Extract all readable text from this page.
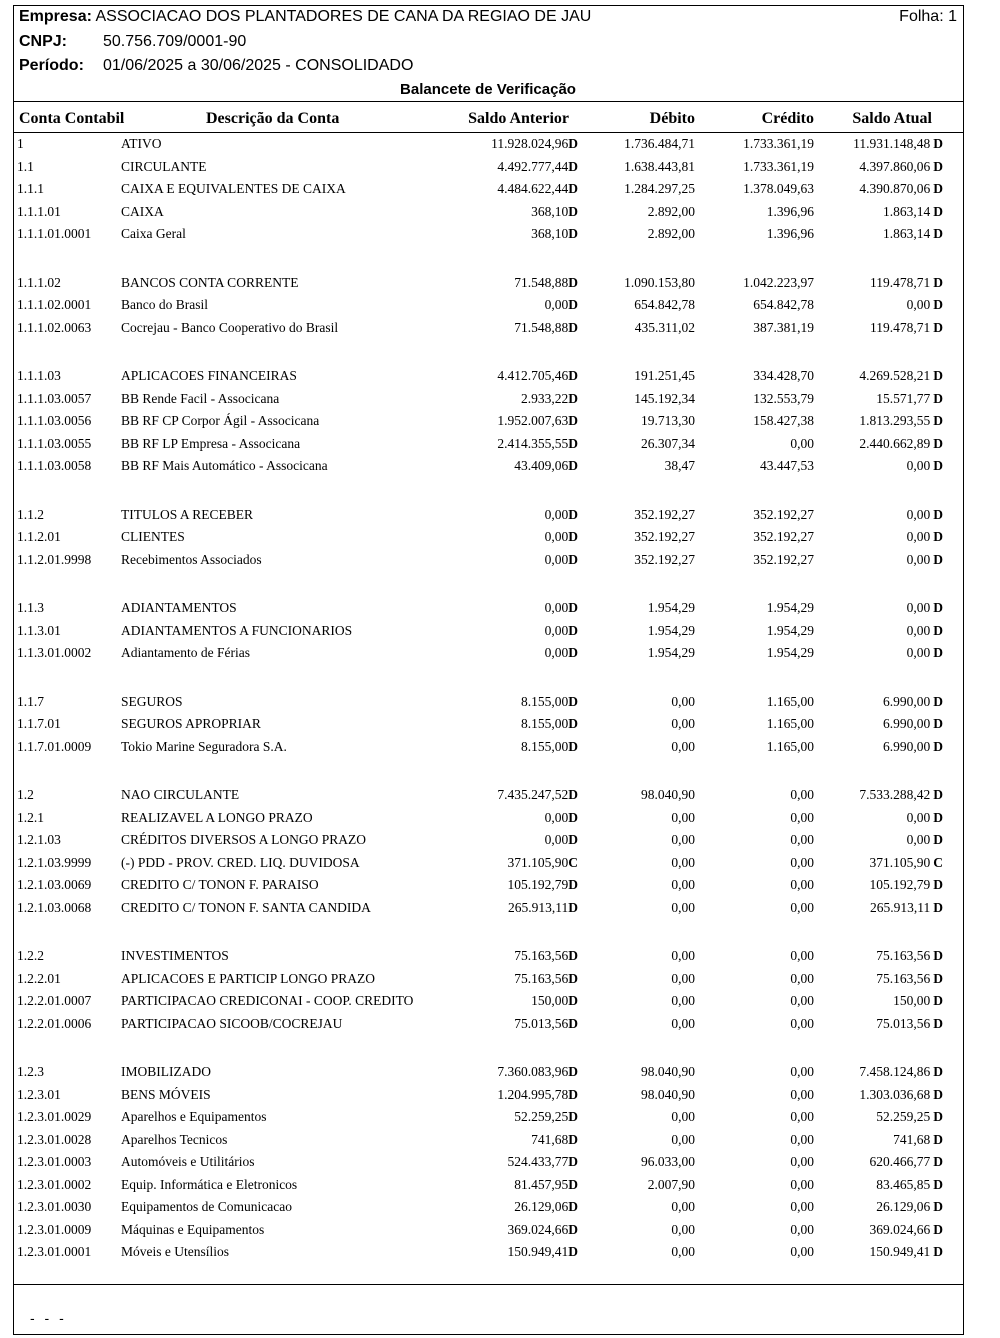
Empresa: ASSOCIACAO DOS PLANTADORES DE CANA DA REGIAO DE JAU	Folha: 1
CNPJ: 50.756.709/0001-90
Período: 01/06/2025 a 30/06/2025 - CONSOLIDADO
Balancete de Verificação
Conta Contabil	Descrição da Conta	Saldo Anterior	Débito	Crédito Saldo Atual
1	ATIVO	11.928.024,96D	1.736.484,71	1.733.361,19	11.931.148,48 D
1.1	CIRCULANTE	4.492.777,44D	1.638.443,81	1.733.361,19	4.397.860,06 D
1.1.1	CAIXA E EQUIVALENTES DE CAIXA	4.484.622,44D	1.284.297,25	1.378.049,63	4.390.870,06 D
1.1.1.01	CAIXA	368,10D	2.892,00	1.396,96	1.863,14 D
1.1.1.01.0001 Caixa Geral	368,10D	2.892,00	1.396,96	1.863,14 D
1.1.1.02	BANCOS CONTA CORRENTE	71.548,88D	1.090.153,80	1.042.223,97	119.478,71 D
1.1.1.02.0001 Banco do Brasil	0,00D	654.842,78	654.842,78	0,00 D
1.1.1.02.0063 Cocrejau - Banco Cooperativo do Brasil	71.548,88D	435.311,02	387.381,19	119.478,71 D
1.1.1.03	APLICACOES FINANCEIRAS	4.412.705,46D	191.251,45	334.428,70	4.269.528,21 D
1.1.1.03.0057 BB Rende Facil - Associcana	2.933,22D	145.192,34	132.553,79	15.571,77 D
1.1.1.03.0056 BB RF CP Corpor Ágil - Associcana	1.952.007,63D	19.713,30	158.427,38	1.813.293,55 D
1.1.1.03.0055 BB RF LP Empresa - Associcana	2.414.355,55D	26.307,34	0,00	2.440.662,89 D
1.1.1.03.0058 BB RF Mais Automático - Associcana	43.409,06D	38,47	43.447,53	0,00 D
1.1.2	TITULOS A RECEBER	0,00D	352.192,27	352.192,27	0,00 D
1.1.2.01	CLIENTES	0,00D	352.192,27	352.192,27	0,00 D
1.1.2.01.9998 Recebimentos Associados	0,00D	352.192,27	352.192,27	0,00 D
1.1.3	ADIANTAMENTOS	0,00D	1.954,29	1.954,29	0,00 D
1.1.3.01	ADIANTAMENTOS A FUNCIONARIOS	0,00D	1.954,29	1.954,29	0,00 D
1.1.3.01.0002 Adiantamento de Férias	0,00D	1.954,29	1.954,29	0,00 D
1.1.7	SEGUROS	8.155,00D	0,00	1.165,00	6.990,00 D
1.1.7.01	SEGUROS APROPRIAR	8.155,00D	0,00	1.165,00	6.990,00 D
1.1.7.01.0009 Tokio Marine Seguradora S.A.	8.155,00D	0,00	1.165,00	6.990,00 D
1.2	NAO CIRCULANTE	7.435.247,52D	98.040,90	0,00	7.533.288,42 D
1.2.1	REALIZAVEL A LONGO PRAZO	0,00D	0,00	0,00	0,00 D
1.2.1.03	CRÉDITOS DIVERSOS A LONGO PRAZO	0,00D	0,00	0,00	0,00 D
1.2.1.03.9999 (-) PDD - PROV. CRED. LIQ. DUVIDOSA	371.105,90C	0,00	0,00	371.105,90 C
1.2.1.03.0069 CREDITO C/ TONON F. PARAISO	105.192,79D	0,00	0,00	105.192,79 D
1.2.1.03.0068 CREDITO C/ TONON F. SANTA CANDIDA	265.913,11D	0,00	0,00	265.913,11 D
1.2.2	INVESTIMENTOS	75.163,56D	0,00	0,00	75.163,56 D
1.2.2.01	APLICACOES E PARTICIP LONGO PRAZO	75.163,56D	0,00	0,00	75.163,56 D
1.2.2.01.0007 PARTICIPACAO CREDICONAI - COOP. CREDITO	150,00D	0,00	0,00	150,00 D
1.2.2.01.0006 PARTICIPACAO SICOOB/COCREJAU	75.013,56D	0,00	0,00	75.013,56 D
1.2.3	IMOBILIZADO	7.360.083,96D	98.040,90	0,00	7.458.124,86 D
1.2.3.01	BENS MÓVEIS	1.204.995,78D	98.040,90	0,00	1.303.036,68 D
1.2.3.01.0029 Aparelhos e Equipamentos	52.259,25D	0,00	0,00	52.259,25 D
1.2.3.01.0028 Aparelhos Tecnicos	741,68D	0,00	0,00	741,68 D
1.2.3.01.0003 Automóveis e Utilitários	524.433,77D	96.033,00	0,00	620.466,77 D
1.2.3.01.0002 Equip. Informática e Eletronicos	81.457,95D	2.007,90	0,00	83.465,85 D
1.2.3.01.0030 Equipamentos de Comunicacao	26.129,06D	0,00	0,00	26.129,06 D
1.2.3.01.0009 Máquinas e Equipamentos	369.024,66D	0,00	0,00	369.024,66 D
1.2.3.01.0001 Móveis e Utensílios	150.949,41D	0,00	0,00	150.949,41 D
- - -
